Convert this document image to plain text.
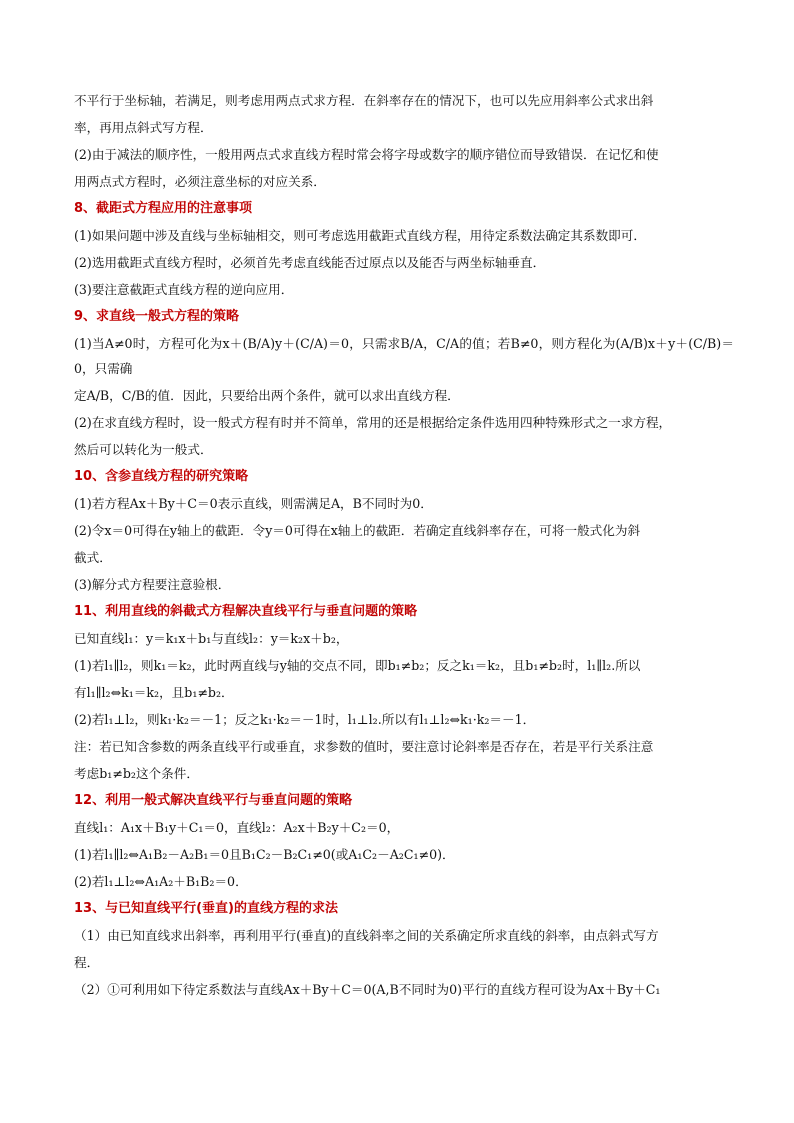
不平行于坐标轴，若满足，则考虑用两点式求方程．在斜率存在的情况下，也可以先应用斜率公式求出斜
率，再用点斜式写方程．
(2)由于减法的顺序性，一般用两点式求直线方程时常会将字母或数字的顺序错位而导致错误．在记忆和使
用两点式方程时，必须注意坐标的对应关系．
8、截距式方程应用的注意事项
(1)如果问题中涉及直线与坐标轴相交，则可考虑选用截距式直线方程，用待定系数法确定其系数即可．
(2)选用截距式直线方程时，必须首先考虑直线能否过原点以及能否与两坐标轴垂直．
(3)要注意截距式直线方程的逆向应用．
9、求直线一般式方程的策略
(1)当A≠0时，方程可化为x＋(B/A)y＋(C/A)＝0，只需求B/A，C/A的值；若B≠0，则方程化为(A/B)x＋y＋(C/B)＝0，只需确
定A/B，C/B的值．因此，只要给出两个条件，就可以求出直线方程．
(2)在求直线方程时，设一般式方程有时并不简单，常用的还是根据给定条件选用四种特殊形式之一求方程，
然后可以转化为一般式．
10、含参直线方程的研究策略
(1)若方程Ax＋By＋C＝0表示直线，则需满足A，B不同时为0．
(2)令x＝0可得在y轴上的截距．令y＝0可得在x轴上的截距．若确定直线斜率存在，可将一般式化为斜
截式．
(3)解分式方程要注意验根．
11、利用直线的斜截式方程解决直线平行与垂直问题的策略
已知直线l₁：y＝k₁x＋b₁与直线l₂：y＝k₂x＋b₂，
(1)若l₁∥l₂，则k₁＝k₂，此时两直线与y轴的交点不同，即b₁≠b₂；反之k₁＝k₂，且b₁≠b₂时，l₁∥l₂.所以
有l₁∥l₂⇔k₁＝k₂，且b₁≠b₂．
(2)若l₁⊥l₂，则k₁·k₂＝－1；反之k₁·k₂＝－1时，l₁⊥l₂.所以有l₁⊥l₂⇔k₁·k₂＝－1．
注：若已知含参数的两条直线平行或垂直，求参数的值时，要注意讨论斜率是否存在，若是平行关系注意
考虑b₁≠b₂这个条件．
12、利用一般式解决直线平行与垂直问题的策略
直线l₁：A₁x＋B₁y＋C₁＝0，直线l₂：A₂x＋B₂y＋C₂＝0，
(1)若l₁∥l₂⇔A₁B₂－A₂B₁＝0且B₁C₂－B₂C₁≠0(或A₁C₂－A₂C₁≠0)．
(2)若l₁⊥l₂⇔A₁A₂＋B₁B₂＝0．
13、与已知直线平行(垂直)的直线方程的求法
（1）由已知直线求出斜率，再利用平行(垂直)的直线斜率之间的关系确定所求直线的斜率，由点斜式写方
程．
（2）①可利用如下待定系数法与直线Ax＋By＋C＝0(A,B不同时为0)平行的直线方程可设为Ax＋By＋C₁
